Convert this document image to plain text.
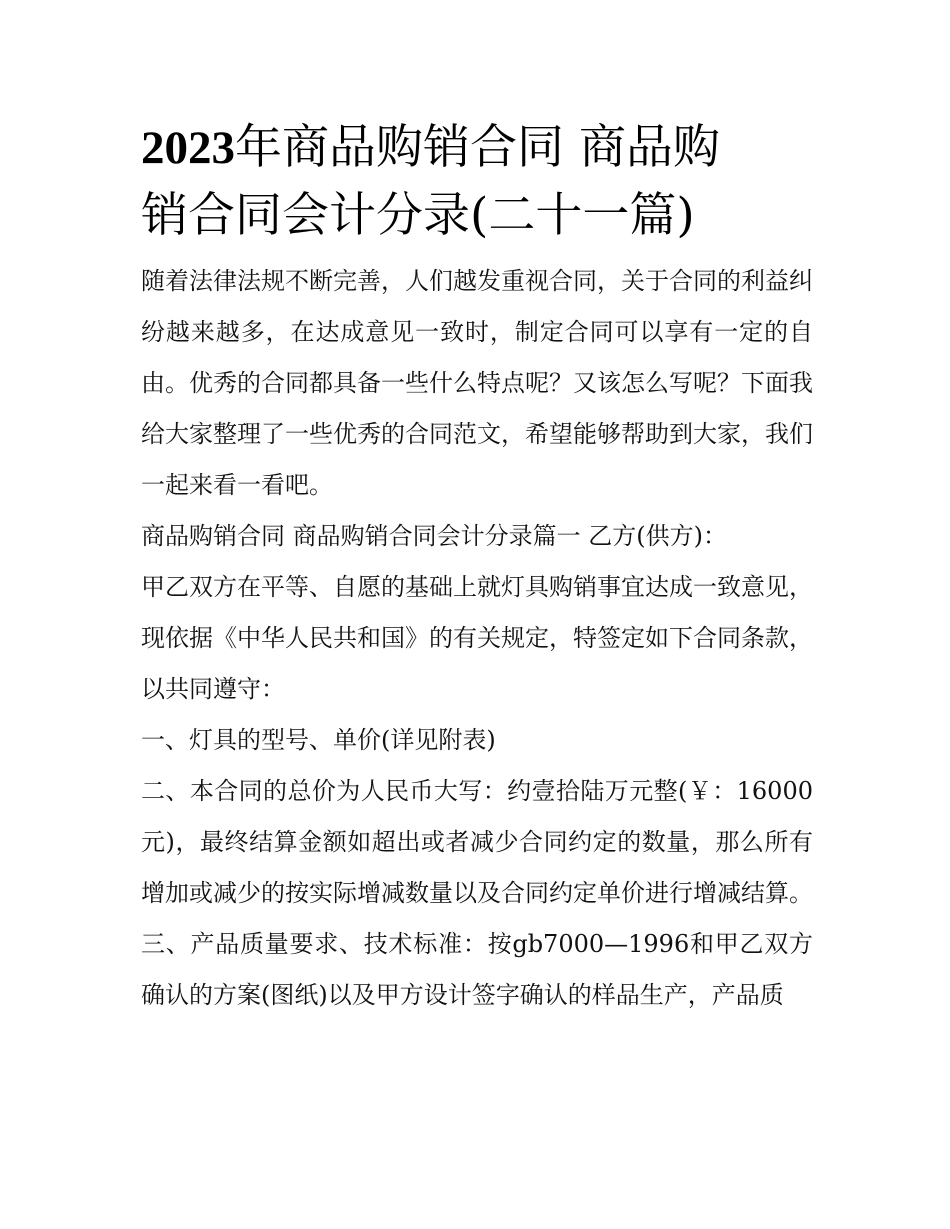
2023年商品购销合同 商品购
销合同会计分录(二十一篇)

随着法律法规不断完善，人们越发重视合同，关于合同的利益纠纷越来越多，在达成意见一致时，制定合同可以享有一定的自由。优秀的合同都具备一些什么特点呢？又该怎么写呢？下面我给大家整理了一些优秀的合同范文，希望能够帮助到大家，我们一起来看一看吧。

商品购销合同 商品购销合同会计分录篇一 乙方(供方)：

甲乙双方在平等、自愿的基础上就灯具购销事宜达成一致意见，现依据《中华人民共和国》的有关规定，特签定如下合同条款，以共同遵守：

一、灯具的型号、单价(详见附表)

二、本合同的总价为人民币大写：约壹拾陆万元整(￥：16000元)，最终结算金额如超出或者减少合同约定的数量，那么所有增加或减少的按实际增减数量以及合同约定单价进行增减结算。

三、产品质量要求、技术标准：按gb7000—1996和甲乙双方确认的方案(图纸)以及甲方设计签字确认的样品生产，产品质
